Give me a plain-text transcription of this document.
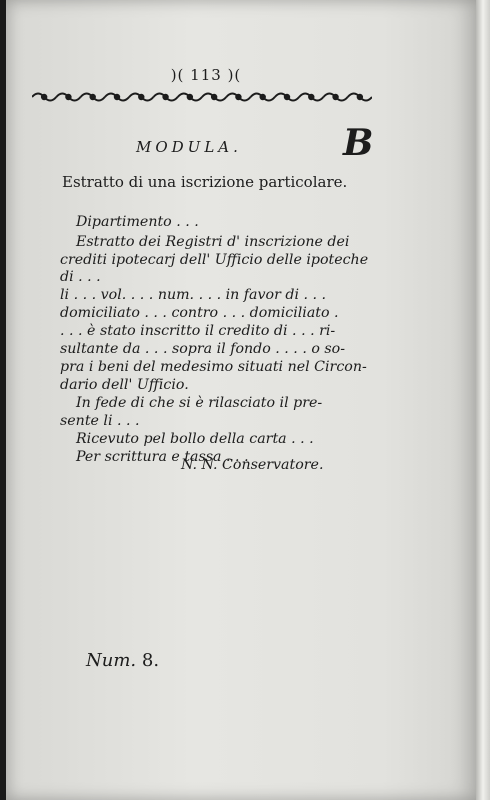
)( 113 )(
MODULA.	B
Estratto di una iscrizione particolare.
Dipartimento . . .
Estratto dei Registri d' inscrizione dei
crediti ipotecarj dell' Ufficio delle ipoteche
di . . .
li . . . vol. . . . num. . . . in favor di . . .
domiciliato . . . contro . . . domiciliato .
. . . è stato inscritto il credito di . . . ri-
sultante da . . . sopra il fondo . . . . o so-
pra i beni del medesimo situati nel Circon-
dario dell' Ufficio.
In fede di che si è rilasciato il pre-
sente li . . .
Ricevuto pel bollo della carta . . .
Per scrittura e tassa . . .
N. N. Conservatore.
Num. 8.
